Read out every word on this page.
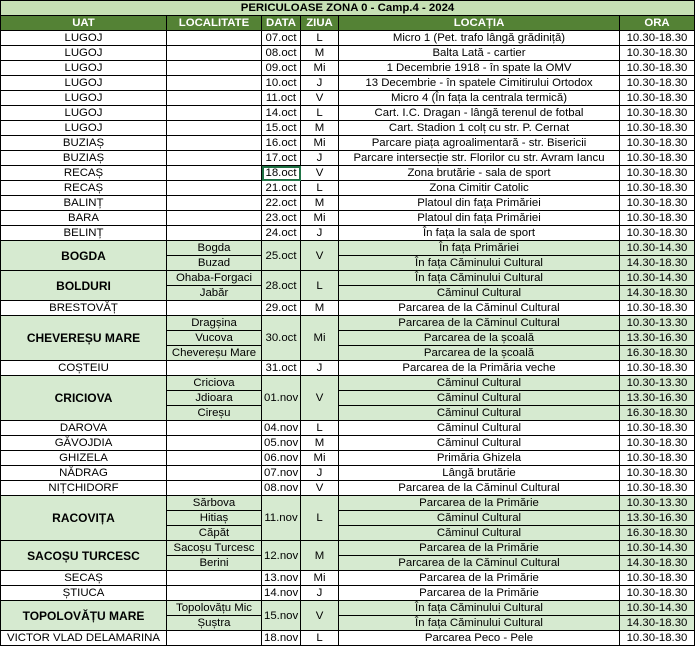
PERICULOASE ZONA 0 - Camp.4 - 2024					
UAT	LOCALITATE	DATA	ZIUA	LOCAȚIA	ORA
LUGOJ		07.oct	L	Micro 1 (Pet. trafo lângă grădiniță)	10.30-18.30
LUGOJ		08.oct	M	Balta Lată - cartier	10.30-18.30
LUGOJ		09.oct	Mi	1 Decembrie 1918 - în spate la OMV	10.30-18.30
LUGOJ		10.oct	J	13 Decembrie - în spatele Cimitirului Ortodox	10.30-18.30
LUGOJ		11.oct	V	Micro 4 (În fața la centrala termică)	10.30-18.30
LUGOJ		14.oct	L	Cart. I.C. Dragan - lângă terenul de fotbal	10.30-18.30
LUGOJ		15.oct	M	Cart. Stadion 1 colț cu str. P. Cernat	10.30-18.30
BUZIAȘ		16.oct	Mi	Parcare piața agroalimentară - str. Bisericii	10.30-18.30
BUZIAȘ		17.oct	J	Parcare intersecție str. Florilor cu str. Avram Iancu	10.30-18.30
RECAȘ		18.oct	V	Zona brutărie - sala de sport	10.30-18.30
RECAȘ		21.oct	L	Zona Cimitir Catolic	10.30-18.30
BALINȚ		22.oct	M	Platoul din fața Primăriei	10.30-18.30
BARA		23.oct	Mi	Platoul din fața Primăriei	10.30-18.30
BELINȚ		24.oct	J	În fața la sala de sport	10.30-18.30
BOGDA	Bogda	25.oct	V	În fața Primăriei	10.30-14.30
	Buzad			În fața Căminului Cultural	14.30-18.30
BOLDURI	Ohaba-Forgaci	28.oct	L	În fața Căminului Cultural	10.30-14.30
	Jabăr			Căminul Cultural	14.30-18.30
BRESTOVĂȚ		29.oct	M	Parcarea de la Căminul Cultural	10.30-18.30
CHEVEREȘU MARE	Dragșina	30.oct	Mi	Parcarea de la Căminul Cultural	10.30-13.30
	Vucova			Parcarea de la școală	13.30-16.30
	Chevereșu Mare			Parcarea de la școală	16.30-18.30
COȘTEIU		31.oct	J	Parcarea de la Primăria veche	10.30-18.30
CRICIOVA	Criciova	01.nov	V	Căminul Cultural	10.30-13.30
	Jdioara			Căminul Cultural	13.30-16.30
	Cireșu			Căminul Cultural	16.30-18.30
DAROVA		04.nov	L	Căminul Cultural	10.30-18.30
GĂVOJDIA		05.nov	M	Căminul Cultural	10.30-18.30
GHIZELA		06.nov	Mi	Primăria Ghizela	10.30-18.30
NĂDRAG		07.nov	J	Lângă brutărie	10.30-18.30
NIȚCHIDORF		08.nov	V	Parcarea de la Căminul Cultural	10.30-18.30
RACOVIȚA	Sărbova	11.nov	L	Parcarea de la Primărie	10.30-13.30
	Hitiaș			Căminul Cultural	13.30-16.30
	Căpăt			Căminul Cultural	16.30-18.30
SACOȘU TURCESC	Sacoșu Turcesc	12.nov	M	Parcarea de la Primărie	10.30-14.30
	Berini			Parcarea de la Căminul Cultural	14.30-18.30
SECAȘ		13.nov	Mi	Parcarea de la Primărie	10.30-18.30
ȘTIUCA		14.nov	J	Parcarea de la Primărie	10.30-18.30
TOPOLOVĂȚU MARE	Topolovățu Mic	15.nov	V	În fața Căminului Cultural	10.30-14.30
	Șuștra			În fața Căminului Cultural	14.30-18.30
VICTOR VLAD DELAMARINA		18.nov	L	Parcarea Peco - Pele	10.30-18.30
